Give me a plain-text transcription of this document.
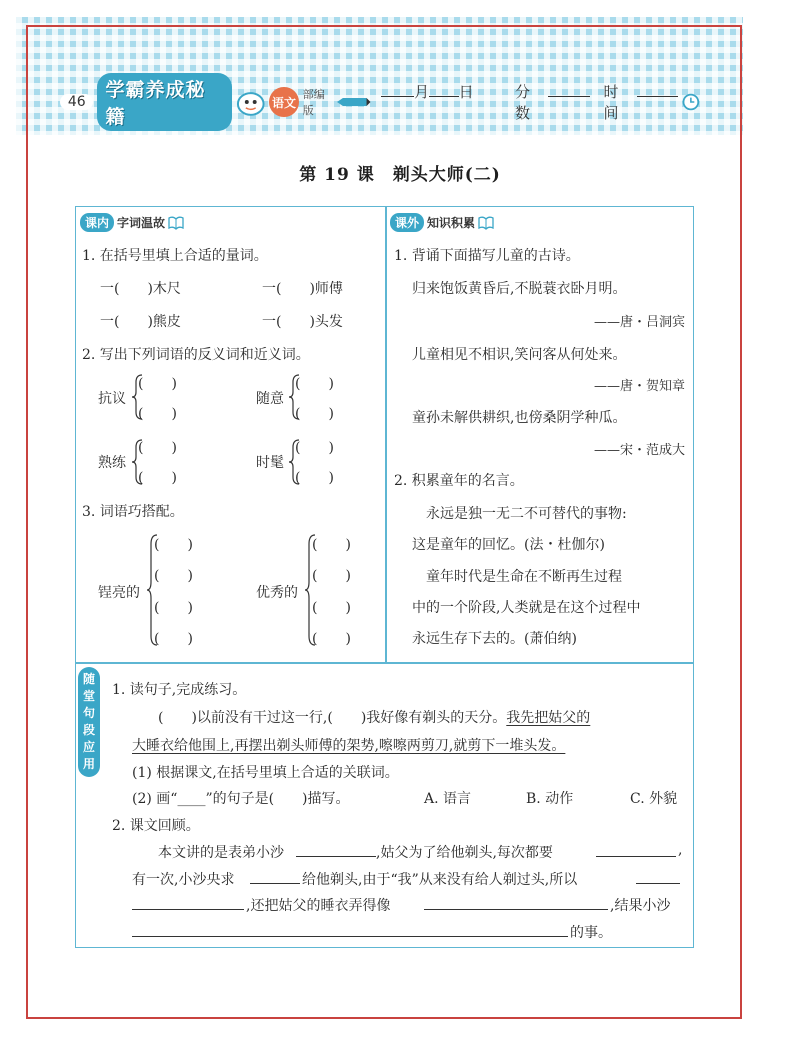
46
学霸养成秘籍
语文
部编版
月 日	分数
时间
第 19 课　剃头大师(二)
课内 字词温故
1. 在括号里填上合适的量词。
一(　　)木尺	一(　　)师傅
一(　　)熊皮	一(　　)头发
2. 写出下列词语的反义词和近义词。
抗议
(　　)
(　　)
随意
(　　)
(　　)
熟练
(　　)
(　　)
时髦
(　　)
(　　)
3. 词语巧搭配。
锃亮的
(　　)
(　　)
(　　)
(　　)
优秀的
(　　)
(　　)
(　　)
(　　)
课外 知识积累
1. 背诵下面描写儿童的古诗。
归来饱饭黄昏后,不脱蓑衣卧月明。
——唐・吕洞宾
儿童相见不相识,笑问客从何处来。
——唐・贺知章
童孙未解供耕织,也傍桑阴学种瓜。
——宋・范成大
2. 积累童年的名言。
永远是独一无二不可替代的事物:
这是童年的回忆。(法・杜伽尔)
童年时代是生命在不断再生过程
中的一个阶段,人类就是在这个过程中
永远生存下去的。(萧伯纳)
随
堂
句
段
应
用
1. 读句子,完成练习。
(　　)以前没有干过这一行,(　　)我好像有剃头的天分。我先把姑父的
大睡衣给他围上,再摆出剃头师傅的架势,嚓嚓两剪刀,就剪下一堆头发。
(1) 根据课文,在括号里填上合适的关联词。
(2) 画“____”的句子是(　　)描写。	A. 语言	B. 动作	C. 外貌
2. 课文回顾。
本文讲的是表弟小沙	,姑父为了给他剃头,每次都要	,
有一次,小沙央求	给他剃头,由于“我”从来没有给人剃过头,所以
,还把姑父的睡衣弄得像	,结果小沙
的事。
